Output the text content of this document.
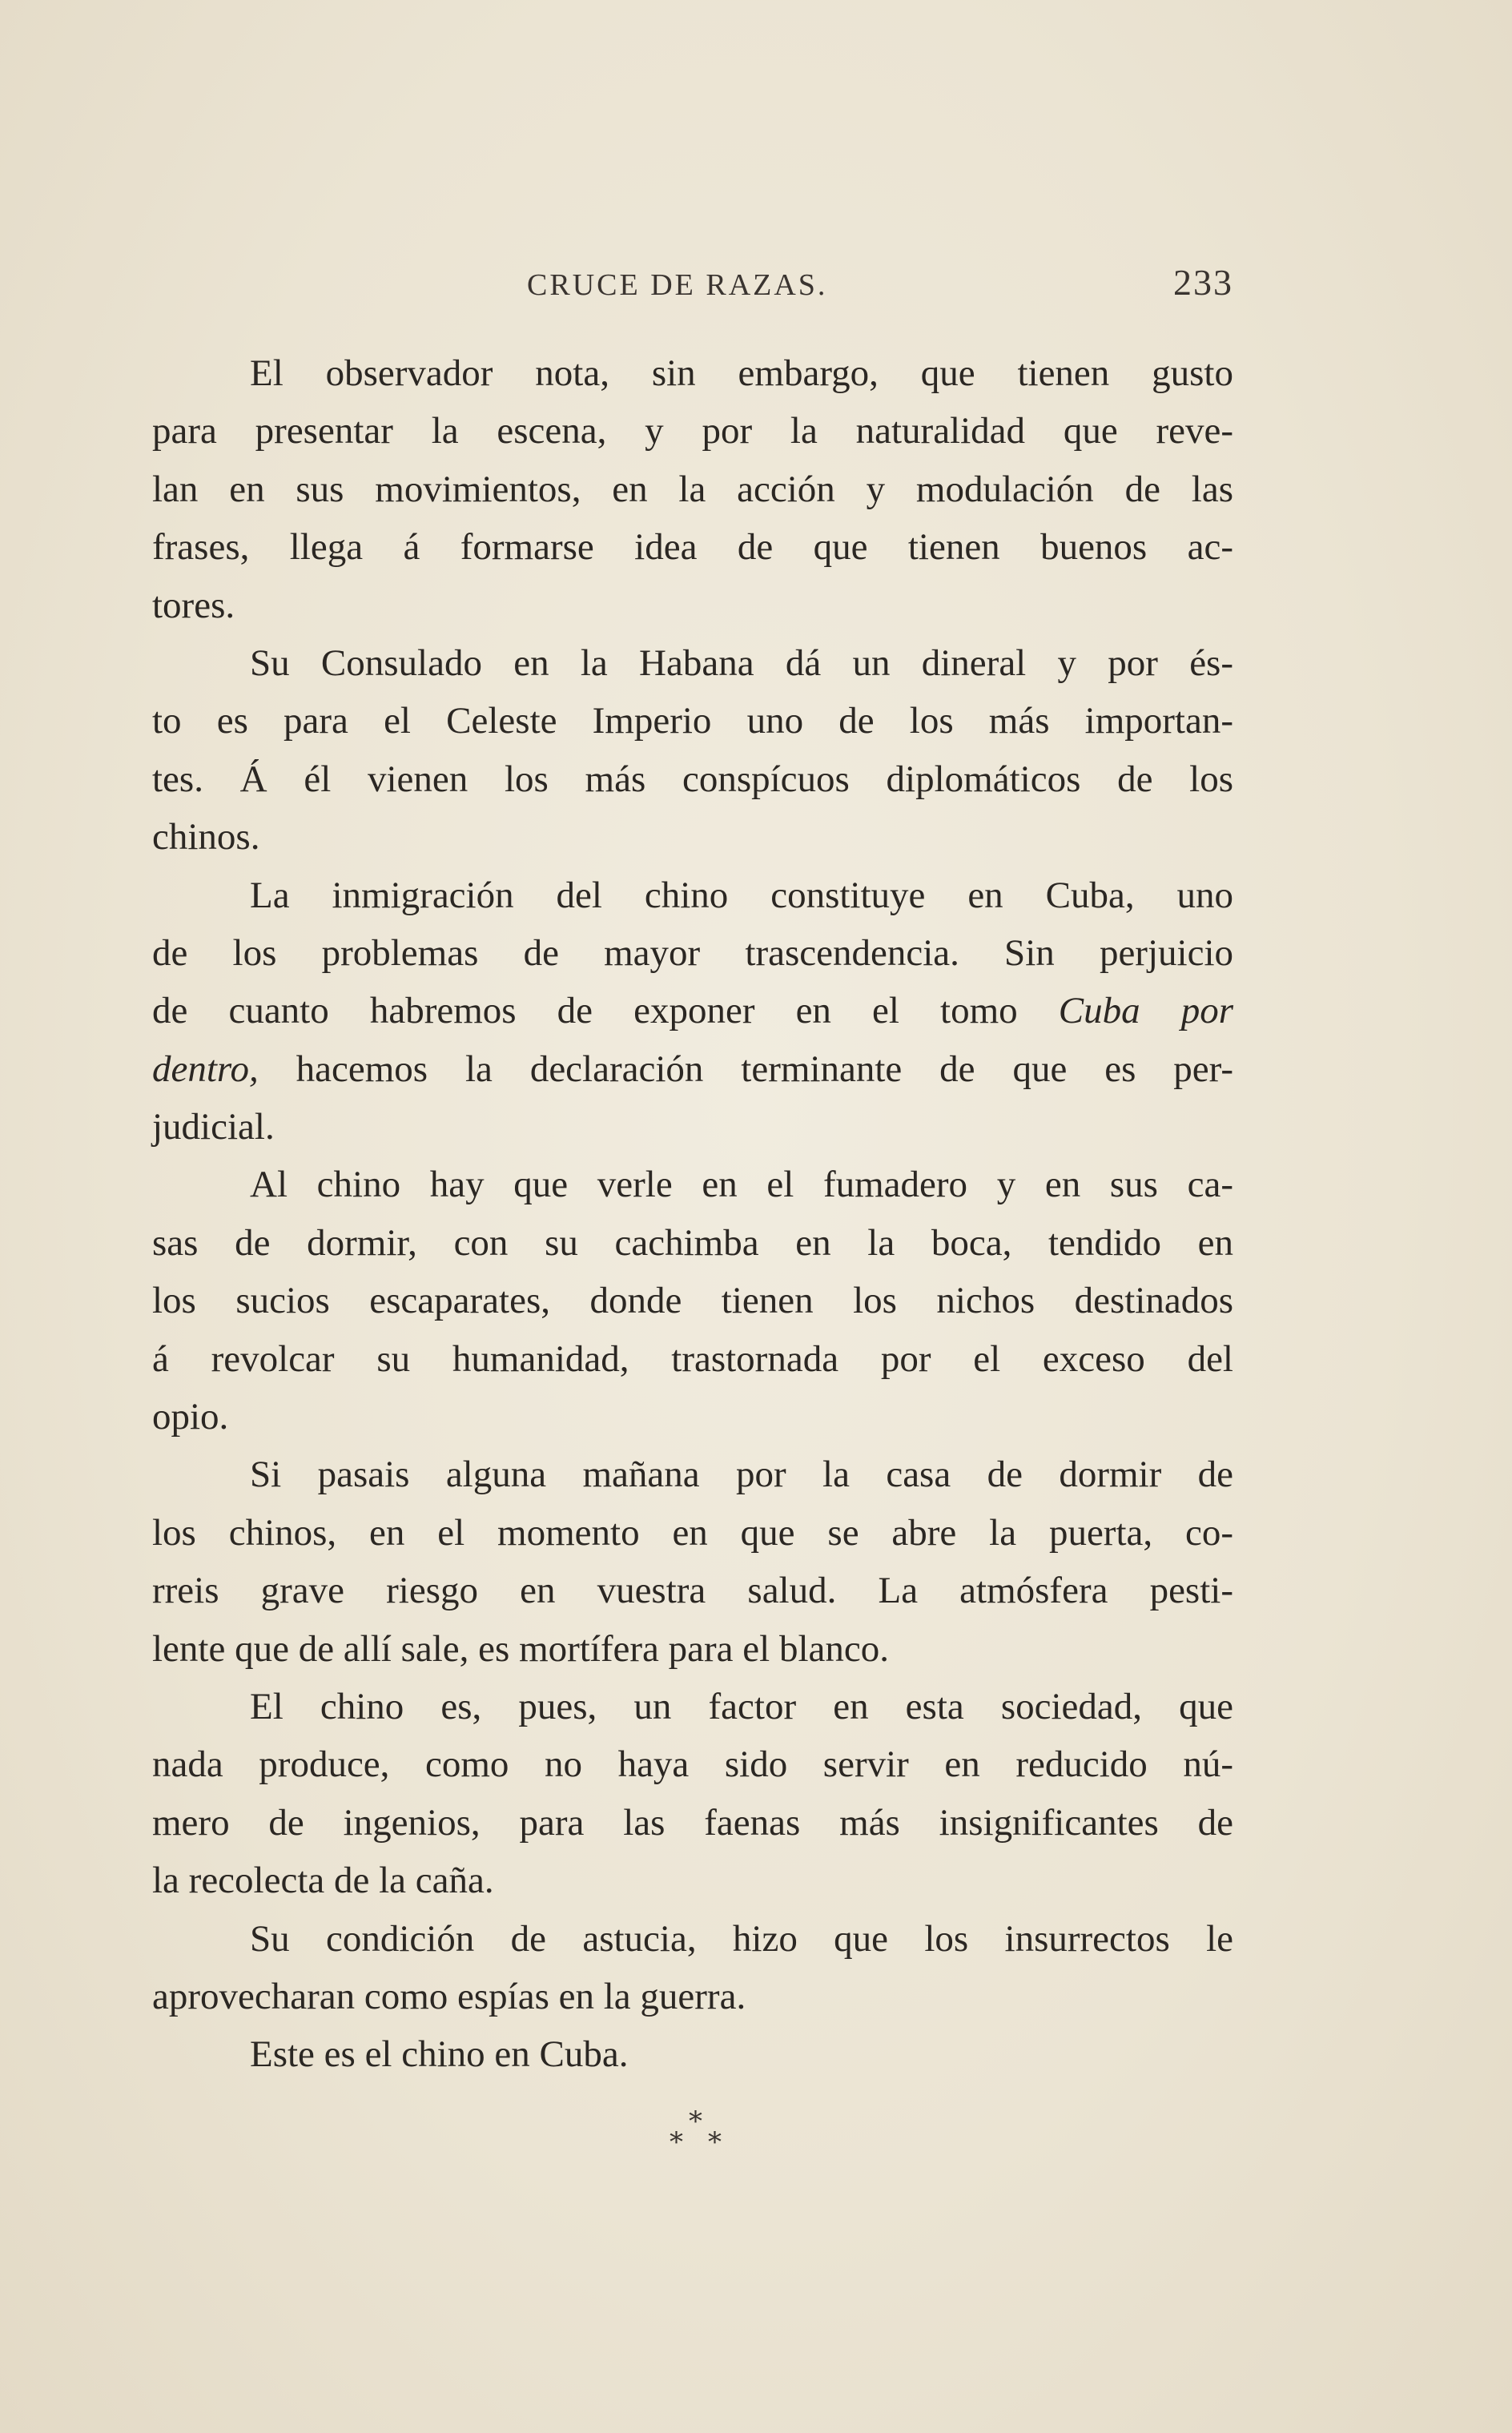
CRUCE DE RAZAS.	233
El observador nota, sin embargo, que tienen gusto
para presentar la escena, y por la naturalidad que reve-
lan en sus movimientos, en la acción y modulación de las
frases, llega á formarse idea de que tienen buenos ac-
tores.
Su Consulado en la Habana dá un dineral y por és-
to es para el Celeste Imperio uno de los más importan-
tes. Á él vienen los más conspícuos diplomáticos de los
chinos.
La inmigración del chino constituye en Cuba, uno
de los problemas de mayor trascendencia. Sin perjuicio
de cuanto habremos de exponer en el tomo Cuba por
dentro, hacemos la declaración terminante de que es per-
judicial.
Al chino hay que verle en el fumadero y en sus ca-
sas de dormir, con su cachimba en la boca, tendido en
los sucios escaparates, donde tienen los nichos destinados
á revolcar su humanidad, trastornada por el exceso del
opio.
Si pasais alguna mañana por la casa de dormir de
los chinos, en el momento en que se abre la puerta, co-
rreis grave riesgo en vuestra salud. La atmósfera pesti-
lente que de allí sale, es mortífera para el blanco.
El chino es, pues, un factor en esta sociedad, que
nada produce, como no haya sido servir en reducido nú-
mero de ingenios, para las faenas más insignificantes de
la recolecta de la caña.
Su condición de astucia, hizo que los insurrectos le
aprovecharan como espías en la guerra.
Este es el chino en Cuba.
*
* *
